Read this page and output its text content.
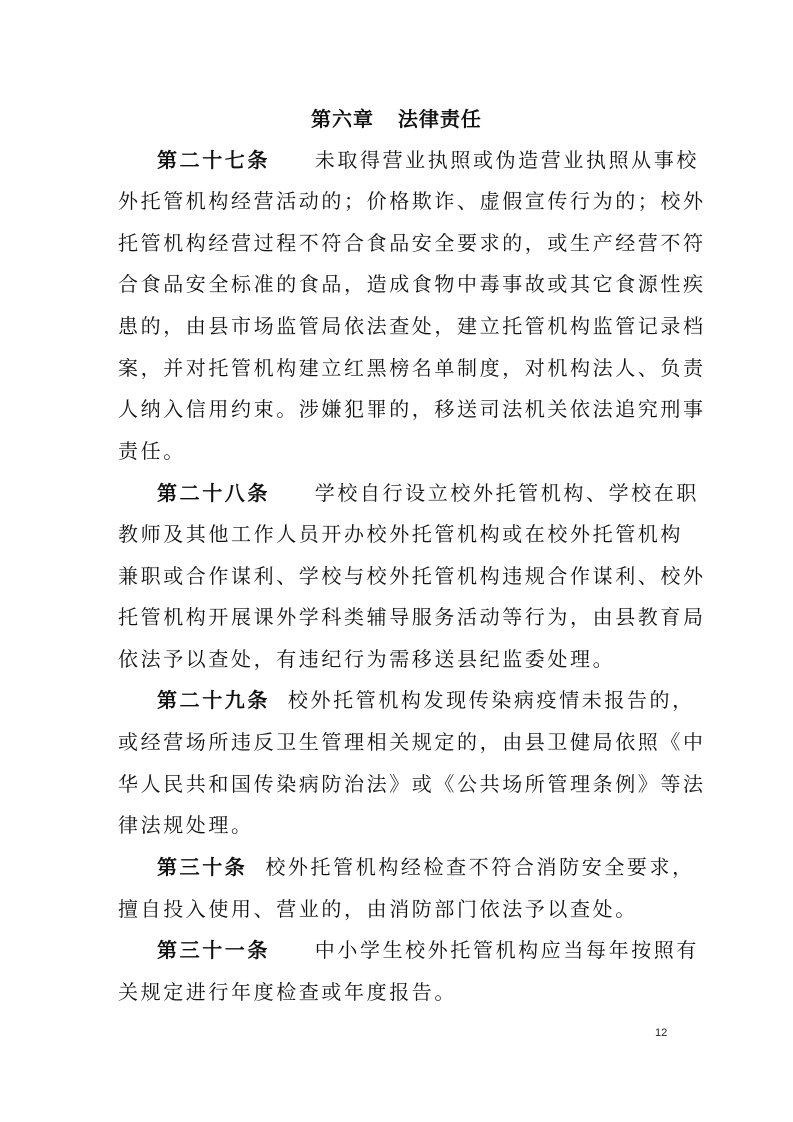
第六章   法律责任
第二十七条     未取得营业执照或伪造营业执照从事校
外托管机构经营活动的；价格欺诈、虚假宣传行为的；校外
托管机构经营过程不符合食品安全要求的，或生产经营不符
合食品安全标准的食品，造成食物中毒事故或其它食源性疾
患的，由县市场监管局依法查处，建立托管机构监管记录档
案，并对托管机构建立红黑榜名单制度，对机构法人、负责
人纳入信用约束。涉嫌犯罪的，移送司法机关依法追究刑事
责任。
第二十八条     学校自行设立校外托管机构、学校在职
教师及其他工作人员开办校外托管机构或在校外托管机构
兼职或合作谋利、学校与校外托管机构违规合作谋利、校外
托管机构开展课外学科类辅导服务活动等行为，由县教育局
依法予以查处，有违纪行为需移送县纪监委处理。
第二十九条  校外托管机构发现传染病疫情未报告的，
或经营场所违反卫生管理相关规定的，由县卫健局依照《中
华人民共和国传染病防治法》或《公共场所管理条例》等法
律法规处理。
第三十条  校外托管机构经检查不符合消防安全要求，
擅自投入使用、营业的，由消防部门依法予以查处。
第三十一条     中小学生校外托管机构应当每年按照有
关规定进行年度检查或年度报告。
12
